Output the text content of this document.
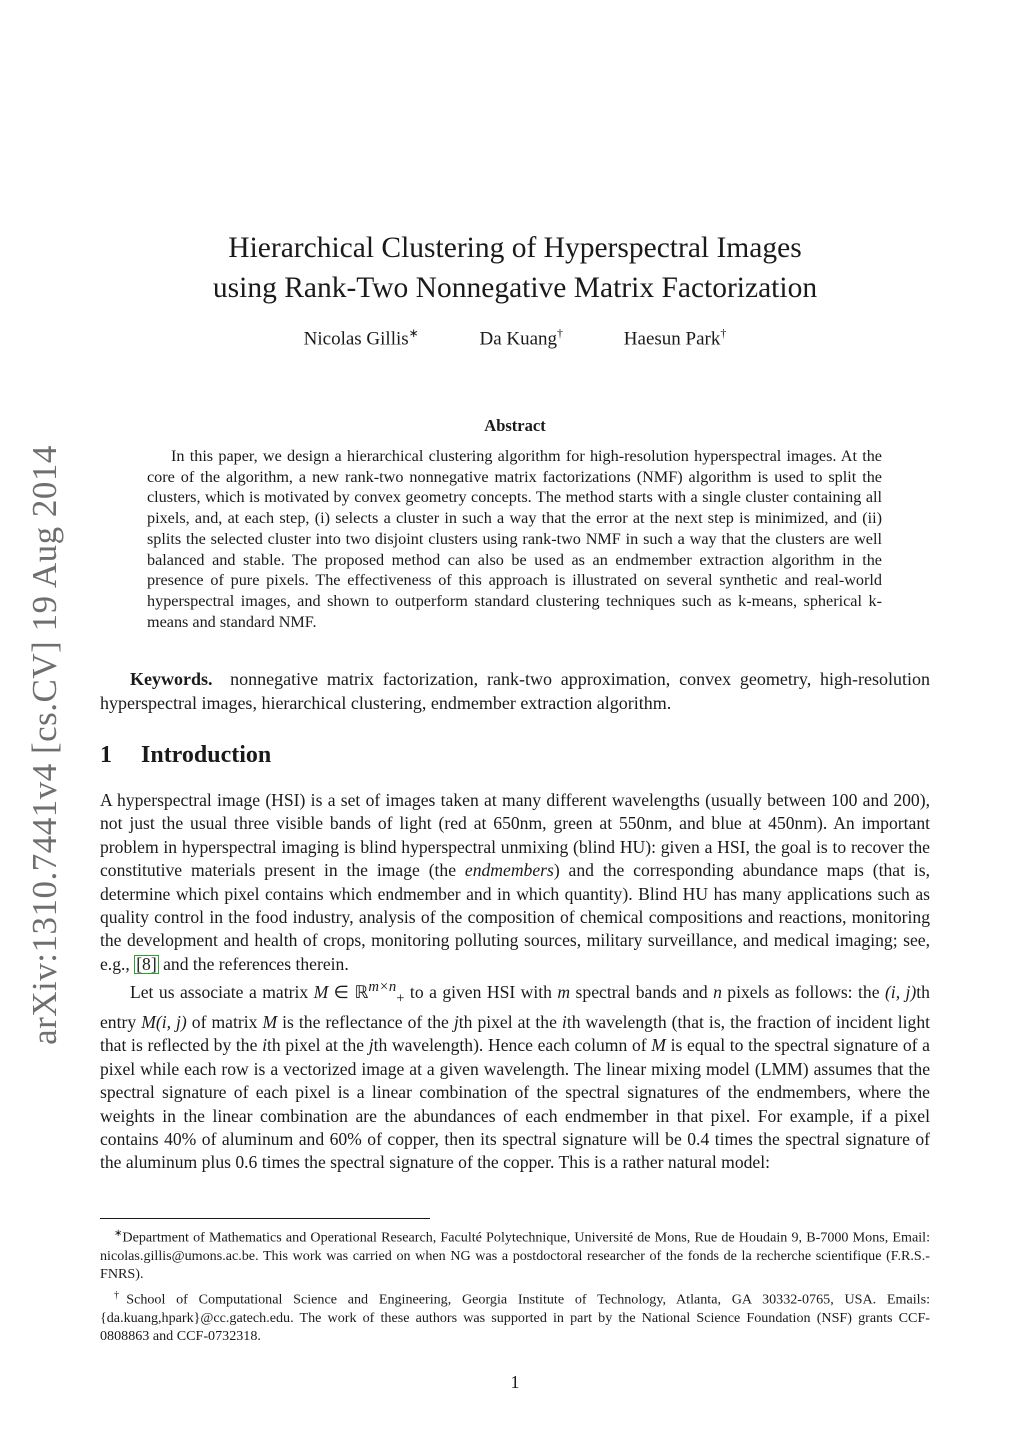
arXiv:1310.7441v4 [cs.CV] 19 Aug 2014
Hierarchical Clustering of Hyperspectral Images
using Rank-Two Nonnegative Matrix Factorization
Nicolas Gillis∗	Da Kuang†	Haesun Park†
Abstract

In this paper, we design a hierarchical clustering algorithm for high-resolution hyperspectral images. At the core of the algorithm, a new rank-two nonnegative matrix factorizations (NMF) algorithm is used to split the clusters, which is motivated by convex geometry concepts. The method starts with a single cluster containing all pixels, and, at each step, (i) selects a cluster in such a way that the error at the next step is minimized, and (ii) splits the selected cluster into two disjoint clusters using rank-two NMF in such a way that the clusters are well balanced and stable. The proposed method can also be used as an endmember extraction algorithm in the presence of pure pixels. The effectiveness of this approach is illustrated on several synthetic and real-world hyperspectral images, and shown to outperform standard clustering techniques such as k-means, spherical k-means and standard NMF.

Keywords. nonnegative matrix factorization, rank-two approximation, convex geometry, high-resolution hyperspectral images, hierarchical clustering, endmember extraction algorithm.

1 Introduction

A hyperspectral image (HSI) is a set of images taken at many different wavelengths (usually between 100 and 200), not just the usual three visible bands of light (red at 650nm, green at 550nm, and blue at 450nm). An important problem in hyperspectral imaging is blind hyperspectral unmixing (blind HU): given a HSI, the goal is to recover the constitutive materials present in the image (the endmembers) and the corresponding abundance maps (that is, determine which pixel contains which endmember and in which quantity). Blind HU has many applications such as quality control in the food industry, analysis of the composition of chemical compositions and reactions, monitoring the development and health of crops, monitoring polluting sources, military surveillance, and medical imaging; see, e.g., [8] and the references therein.

Let us associate a matrix M ∈ ℝ$^{m\times n}_+$ to a given HSI with m spectral bands and n pixels as follows: the (i, j)th entry M(i, j) of matrix M is the reflectance of the jth pixel at the ith wavelength (that is, the fraction of incident light that is reflected by the ith pixel at the jth wavelength). Hence each column of M is equal to the spectral signature of a pixel while each row is a vectorized image at a given wavelength. The linear mixing model (LMM) assumes that the spectral signature of each pixel is a linear combination of the spectral signatures of the endmembers, where the weights in the linear combination are the abundances of each endmember in that pixel. For example, if a pixel contains 40% of aluminum and 60% of copper, then its spectral signature will be 0.4 times the spectral signature of the aluminum plus 0.6 times the spectral signature of the copper. This is a rather natural model:

∗Department of Mathematics and Operational Research, Faculté Polytechnique, Université de Mons, Rue de Houdain 9, B-7000 Mons, Email: nicolas.gillis@umons.ac.be. This work was carried on when NG was a postdoctoral researcher of the fonds de la recherche scientifique (F.R.S.-FNRS).

†School of Computational Science and Engineering, Georgia Institute of Technology, Atlanta, GA 30332-0765, USA. Emails: {da.kuang,hpark}@cc.gatech.edu. The work of these authors was supported in part by the National Science Foundation (NSF) grants CCF-0808863 and CCF-0732318.

1
